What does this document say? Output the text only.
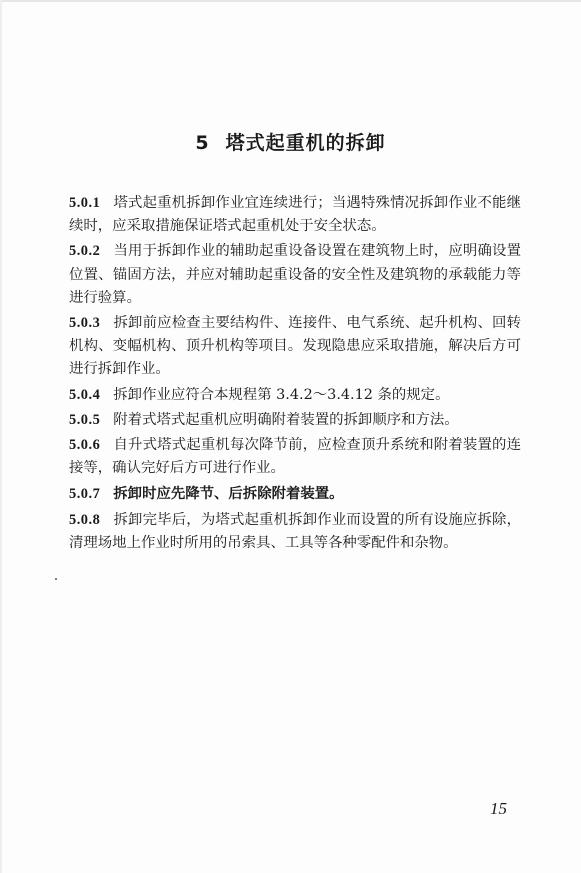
5 塔式起重机的拆卸

5.0.1 塔式起重机拆卸作业宜连续进行；当遇特殊情况拆卸作业不能继续时，应采取措施保证塔式起重机处于安全状态。

5.0.2 当用于拆卸作业的辅助起重设备设置在建筑物上时，应明确设置位置、锚固方法，并应对辅助起重设备的安全性及建筑物的承载能力等进行验算。

5.0.3 拆卸前应检查主要结构件、连接件、电气系统、起升机构、回转机构、变幅机构、顶升机构等项目。发现隐患应采取措施，解决后方可进行拆卸作业。

5.0.4 拆卸作业应符合本规程第 3.4.2～3.4.12 条的规定。

5.0.5 附着式塔式起重机应明确附着装置的拆卸顺序和方法。

5.0.6 自升式塔式起重机每次降节前，应检查顶升系统和附着装置的连接等，确认完好后方可进行作业。

5.0.7 拆卸时应先降节、后拆除附着装置。

5.0.8 拆卸完毕后，为塔式起重机拆卸作业而设置的所有设施应拆除，清理场地上作业时所用的吊索具、工具等各种零配件和杂物。

15
